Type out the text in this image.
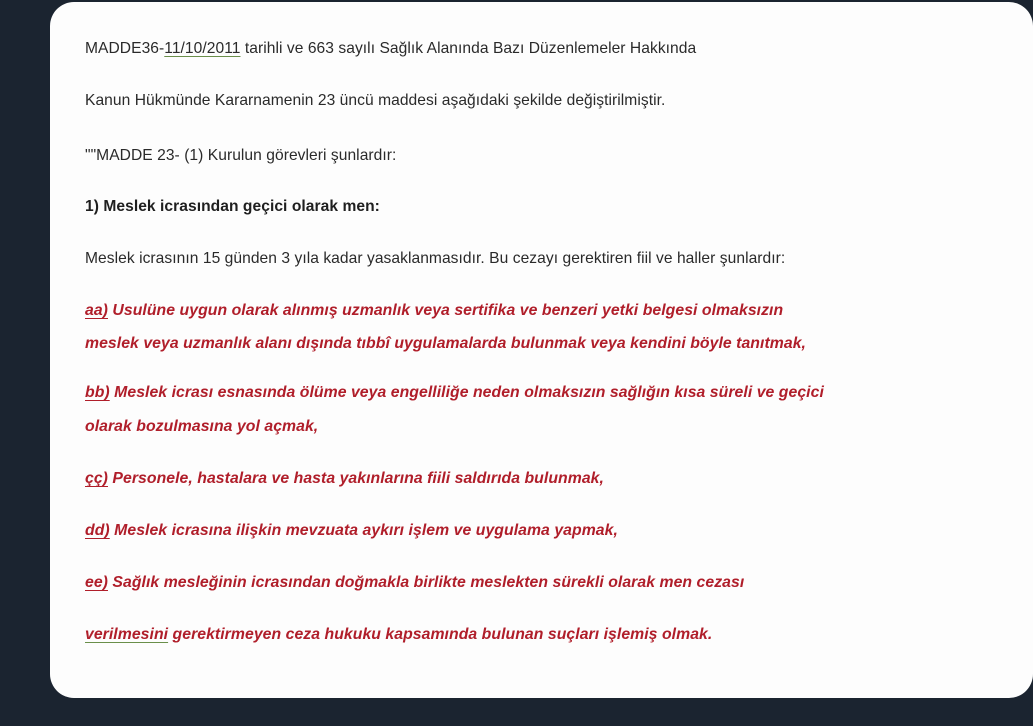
MADDE36-11/10/2011 tarihli ve 663 sayılı Sağlık Alanında Bazı Düzenlemeler Hakkında
Kanun Hükmünde Kararnamenin 23 üncü maddesi aşağıdaki şekilde değiştirilmiştir.
""MADDE 23- (1) Kurulun görevleri şunlardır:
1) Meslek icrasından geçici olarak men:
Meslek icrasının 15 günden 3 yıla kadar yasaklanmasıdır. Bu cezayı gerektiren fiil ve haller şunlardır:
aa) Usulüne uygun olarak alınmış uzmanlık veya sertifika ve benzeri yetki belgesi olmaksızın
meslek veya uzmanlık alanı dışında tıbbî uygulamalarda bulunmak veya kendini böyle tanıtmak,
bb) Meslek icrası esnasında ölüme veya engelliliğe neden olmaksızın sağlığın kısa süreli ve geçici
olarak bozulmasına yol açmak,
çç) Personele, hastalara ve hasta yakınlarına fiili saldırıda bulunmak,
dd) Meslek icrasına ilişkin mevzuata aykırı işlem ve uygulama yapmak,
ee) Sağlık mesleğinin icrasından doğmakla birlikte meslekten sürekli olarak men cezası
verilmesini gerektirmeyen ceza hukuku kapsamında bulunan suçları işlemiş olmak.
